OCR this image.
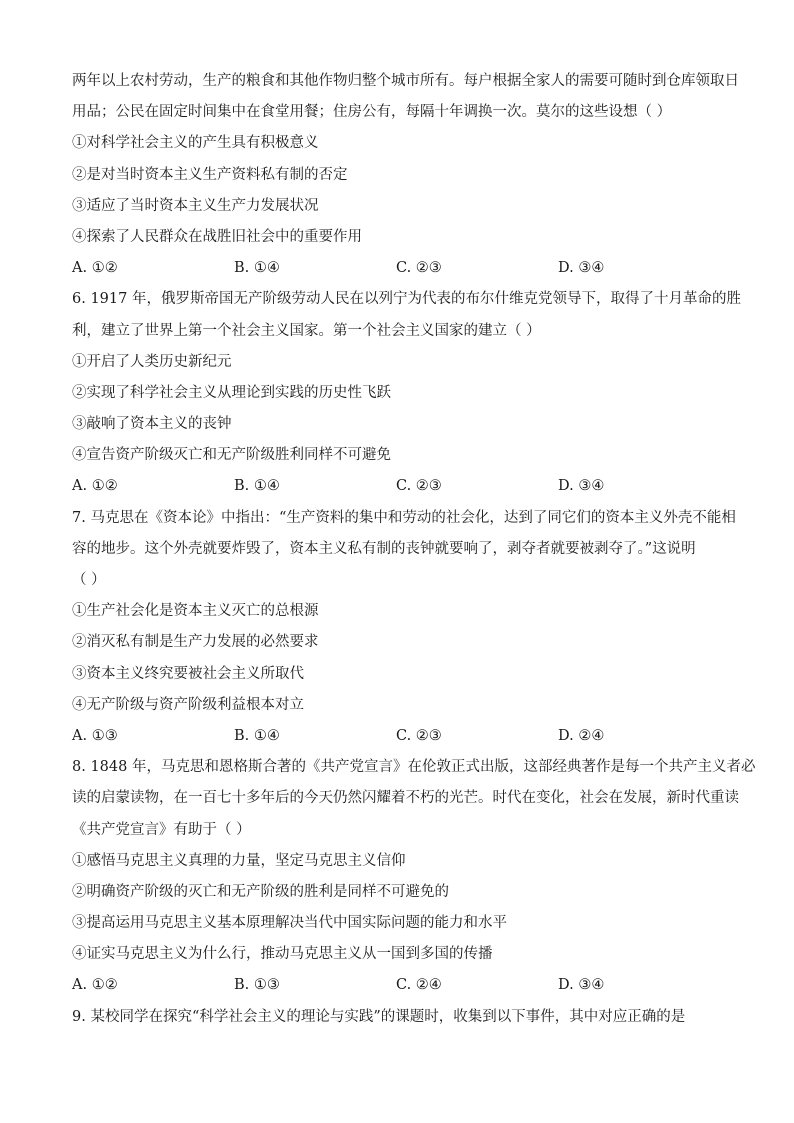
两年以上农村劳动，生产的粮食和其他作物归整个城市所有。每户根据全家人的需要可随时到仓库领取日
用品；公民在固定时间集中在食堂用餐；住房公有，每隔十年调换一次。莫尔的这些设想（ ）
①对科学社会主义的产生具有积极意义
②是对当时资本主义生产资料私有制的否定
③适应了当时资本主义生产力发展状况
④探索了人民群众在战胜旧社会中的重要作用
A. ①②	B. ①④	C. ②③	D. ③④
6. 1917 年，俄罗斯帝国无产阶级劳动人民在以列宁为代表的布尔什维克党领导下，取得了十月革命的胜
利，建立了世界上第一个社会主义国家。第一个社会主义国家的建立（ ）
①开启了人类历史新纪元
②实现了科学社会主义从理论到实践的历史性飞跃
③敲响了资本主义的丧钟
④宣告资产阶级灭亡和无产阶级胜利同样不可避免
A. ①②	B. ①④	C. ②③	D. ③④
7. 马克思在《资本论》中指出：“生产资料的集中和劳动的社会化，达到了同它们的资本主义外壳不能相
容的地步。这个外壳就要炸毁了，资本主义私有制的丧钟就要响了，剥夺者就要被剥夺了。”这说明
（ ）
①生产社会化是资本主义灭亡的总根源
②消灭私有制是生产力发展的必然要求
③资本主义终究要被社会主义所取代
④无产阶级与资产阶级利益根本对立
A. ①③	B. ①④	C. ②③	D. ②④
8. 1848 年，马克思和恩格斯合著的《共产党宣言》在伦敦正式出版，这部经典著作是每一个共产主义者必
读的启蒙读物，在一百七十多年后的今天仍然闪耀着不朽的光芒。时代在变化，社会在发展，新时代重读
《共产党宣言》有助于（ ）
①感悟马克思主义真理的力量，坚定马克思主义信仰
②明确资产阶级的灭亡和无产阶级的胜利是同样不可避免的
③提高运用马克思主义基本原理解决当代中国实际问题的能力和水平
④证实马克思主义为什么行，推动马克思主义从一国到多国的传播
A. ①②	B. ①③	C. ②④	D. ③④
9. 某校同学在探究“科学社会主义的理论与实践”的课题时，收集到以下事件，其中对应正确的是
